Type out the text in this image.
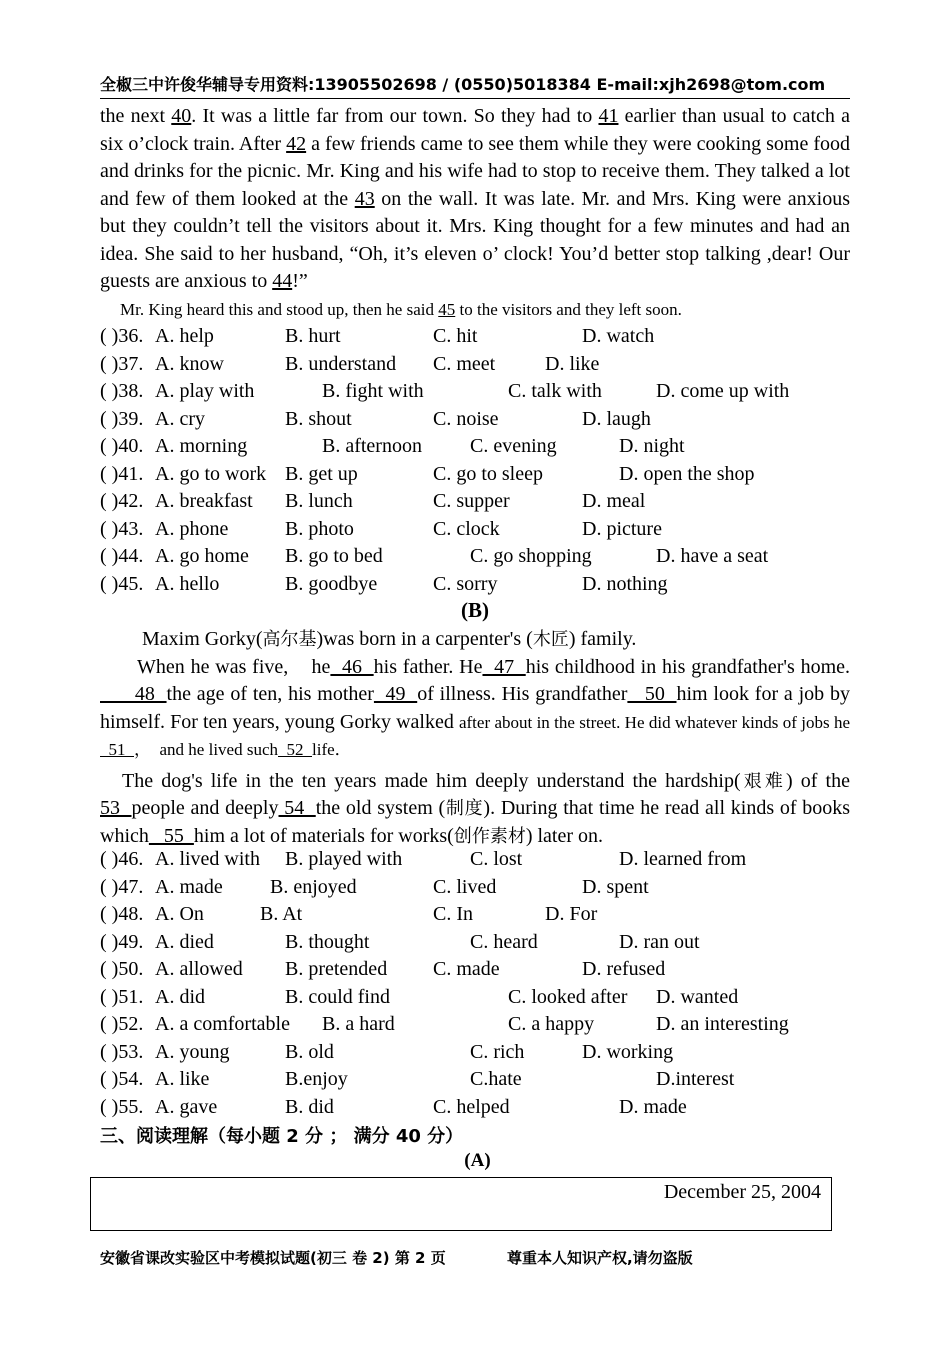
全椒三中许俊华辅导专用资料:13905502698 / (0550)5018384 E-mail:xjh2698@tom.com

the next 40. It was a little far from our town. So they had to 41 earlier than usual to catch a six o’clock train. After 42 a few friends came to see them while they were cooking some food and drinks for the picnic. Mr. King and his wife had to stop to receive them. They talked a lot and few of them looked at the 43 on the wall. It was late. Mr. and Mrs. King were anxious but they couldn’t tell the visitors about it. Mrs. King thought for a few minutes and had an idea. She said to her husband, “Oh, it’s eleven o’ clock! You’d better stop talking ,dear! Our guests are anxious to 44!”

Mr. King heard this and stood up, then he said 45 to the visitors and they left soon.

( )36. A. help	B. hurt	C. hit	D. watch
( )37. A. know	B. understand C. meet D. like
( )38. A. play with	B. fight with	C. talk with	D. come up with
( )39. A. cry	B. shout	C. noise	D. laugh
( )40. A. morning	B. afternoon C. evening	D. night
( )41. A. go to work B. get up	C. go to sleep	D. open the shop
( )42. A. breakfast B. lunch	C. supper	D. meal
( )43. A. phone	B. photo	C. clock	D. picture
( )44. A. go home B. go to bed	C. go shopping	D. have a seat
( )45. A. hello	B. goodbye	C. sorry	D. nothing
(B)

Maxim Gorky(高尔基)was born in a carpenter's (木匠) family.

When he was five,    he  46  his father. He  47  his childhood in his grandfather's home.      48  the age of ten, his mother  49  of illness. His grandfather   50  him look for a job by himself. For ten years, young Gorky walked after about in the street. He did whatever kinds of jobs he  51  ，  and he lived such  52  life．

The dog's life in the ten years made him deeply understand the hardship(艰难) of the 53  people and deeply 54  the old system (制度). During that time he read all kinds of books which   55  him a lot of materials for works(创作素材) later on.

( )46. A. lived with B. played with	C. lost	D. learned from
( )47. A. made B. enjoyed	C. lived	D. spent
( )48. A. On	B. At	C. In	D. For
( )49. A. died	B. thought	C. heard	D. ran out
( )50. A. allowed B. pretended C. made	D. refused
( )51. A. did	B. could find	C. looked after D. wanted
( )52. A. a comfortable B. a hard	C. a happy	D. an interesting
( )53. A. young	B. old	C. rich	D. working
( )54. A. like	B.enjoy	C.hate	D.interest
( )55. A. gave	B. did	C. helped	D. made
三、阅读理解（每小题 2 分 ； 满分 40 分）
(A)
December 25, 2004
安徽省课改实验区中考模拟试题(初三 卷 2) 第 2 页	尊重本人知识产权,请勿盗版
